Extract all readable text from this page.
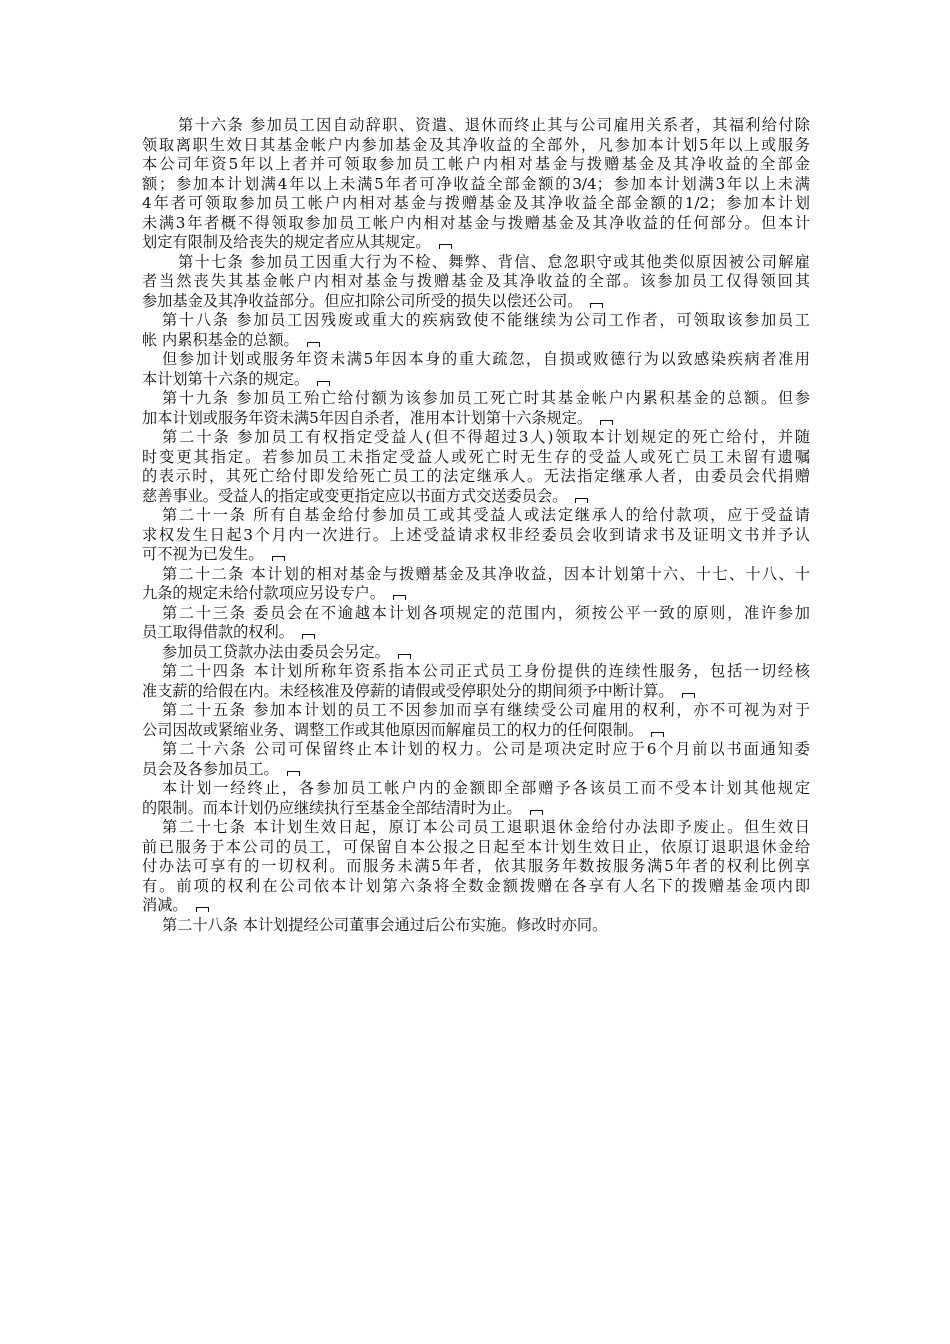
第十六条 参加员工因自动辞职、资遣、退休而终止其与公司雇用关系者，其福利给付除
领取离职生效日其基金帐户内参加基金及其净收益的全部外，凡参加本计划5年以上或服务
本公司年资5年以上者并可领取参加员工帐户内相对基金与拨赠基金及其净收益的全部金
额；参加本计划满4年以上未满5年者可净收益全部金额的3/4；参加本计划满3年以上未满
4年者可领取参加员工帐户内相对基金与拨赠基金及其净收益全部金额的1/2；参加本计划
未满3年者概不得领取参加员工帐户内相对基金与拨赠基金及其净收益的任何部分。但本计
划定有限制及给丧失的规定者应从其规定。
第十七条 参加员工因重大行为不检、舞弊、背信、怠忽职守或其他类似原因被公司解雇
者当然丧失其基金帐户内相对基金与拨赠基金及其净收益的全部。该参加员工仅得领回其
参加基金及其净收益部分。但应扣除公司所受的损失以偿还公司。
第十八条 参加员工因残废或重大的疾病致使不能继续为公司工作者，可领取该参加员工
帐 内累积基金的总额。
但参加计划或服务年资未满5年因本身的重大疏忽，自损或败德行为以致感染疾病者准用
本计划第十六条的规定。
第十九条 参加员工殆亡给付额为该参加员工死亡时其基金帐户内累积基金的总额。但参
加本计划或服务年资未满5年因自杀者，准用本计划第十六条规定。
第二十条 参加员工有权指定受益人(但不得超过3人)领取本计划规定的死亡给付，并随
时变更其指定。若参加员工未指定受益人或死亡时无生存的受益人或死亡员工未留有遗嘱
的表示时，其死亡给付即发给死亡员工的法定继承人。无法指定继承人者，由委员会代捐赠
慈善事业。受益人的指定或变更指定应以书面方式交送委员会。
第二十一条 所有自基金给付参加员工或其受益人或法定继承人的给付款项，应于受益请
求权发生日起3个月内一次进行。上述受益请求权非经委员会收到请求书及证明文书并予认
可不视为已发生。
第二十二条 本计划的相对基金与拨赠基金及其净收益，因本计划第十六、十七、十八、十
九条的规定未给付款项应另设专户。
第二十三条 委员会在不逾越本计划各项规定的范围内，须按公平一致的原则，准许参加
员工取得借款的权利。
参加员工贷款办法由委员会另定。
第二十四条 本计划所称年资系指本公司正式员工身份提供的连续性服务，包括一切经核
准支薪的给假在内。未经核准及停薪的请假或受停职处分的期间须予中断计算。
第二十五条 参加本计划的员工不因参加而享有继续受公司雇用的权利，亦不可视为对于
公司因故或紧缩业务、调整工作或其他原因而解雇员工的权力的任何限制。
第二十六条 公司可保留终止本计划的权力。公司是项决定时应于6个月前以书面通知委
员会及各参加员工。
本计划一经终止，各参加员工帐户内的金额即全部赠予各该员工而不受本计划其他规定
的限制。而本计划仍应继续执行至基金全部结清时为止。
第二十七条 本计划生效日起，原订本公司员工退职退休金给付办法即予废止。但生效日
前已服务于本公司的员工，可保留自本公报之日起至本计划生效日止，依原订退职退休金给
付办法可享有的一切权利。而服务未满5年者，依其服务年数按服务满5年者的权利比例享
有。前项的权利在公司依本计划第六条将全数金额拨赠在各享有人名下的拨赠基金项内即
消减。
第二十八条 本计划提经公司董事会通过后公布实施。修改时亦同。
